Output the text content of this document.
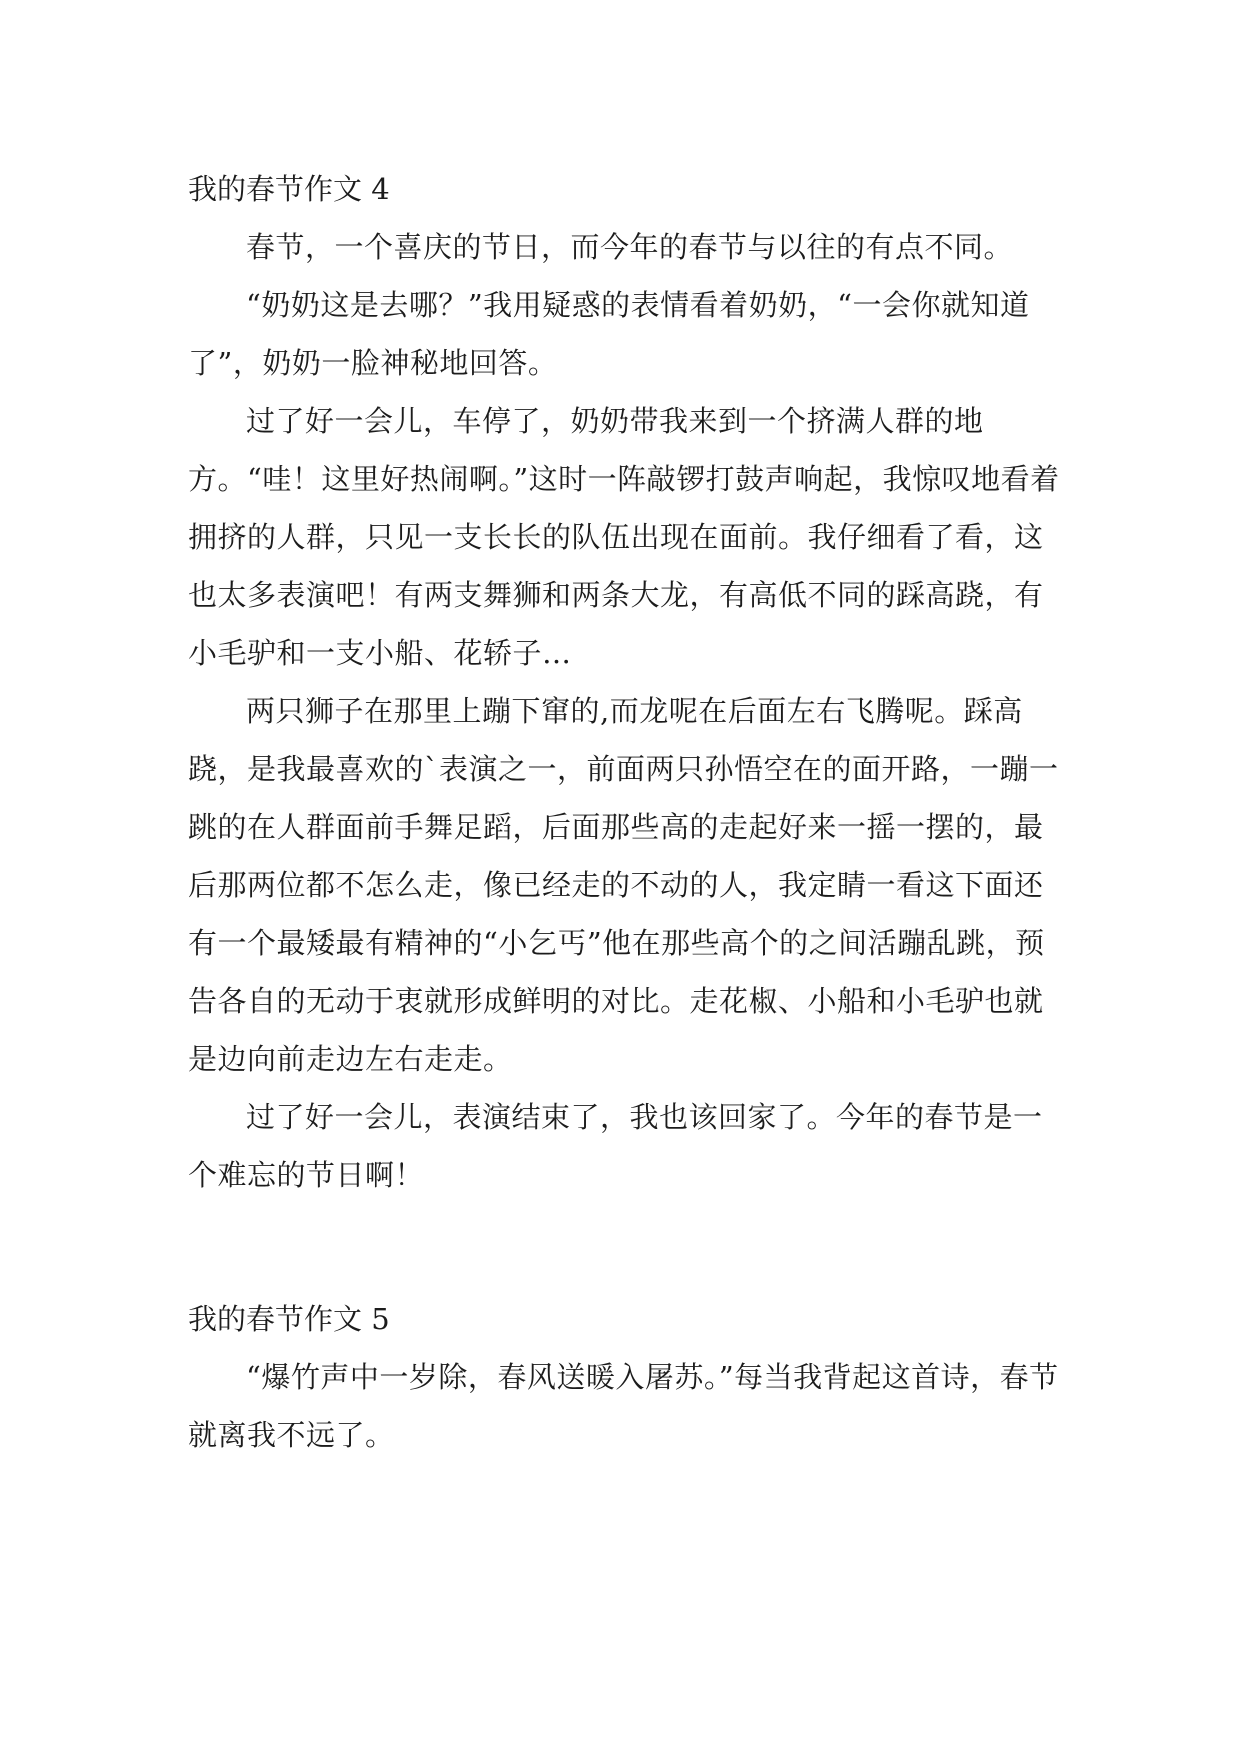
我的春节作文 4

春节，一个喜庆的节日，而今年的春节与以往的有点不同。

“奶奶这是去哪？”我用疑惑的表情看着奶奶，“一会你就知道了”，奶奶一脸神秘地回答。

过了好一会儿，车停了，奶奶带我来到一个挤满人群的地方。“哇！这里好热闹啊。”这时一阵敲锣打鼓声响起，我惊叹地看着拥挤的人群，只见一支长长的队伍出现在面前。我仔细看了看，这也太多表演吧！有两支舞狮和两条大龙，有高低不同的踩高跷，有小毛驴和一支小船、花轿子…

两只狮子在那里上蹦下窜的,而龙呢在后面左右飞腾呢。踩高跷，是我最喜欢的`表演之一，前面两只孙悟空在的面开路，一蹦一跳的在人群面前手舞足蹈，后面那些高的走起好来一摇一摆的，最后那两位都不怎么走，像已经走的不动的人，我定睛一看这下面还有一个最矮最有精神的“小乞丐”他在那些高个的之间活蹦乱跳，预告各自的无动于衷就形成鲜明的对比。走花椒、小船和小毛驴也就是边向前走边左右走走。

过了好一会儿，表演结束了，我也该回家了。今年的春节是一个难忘的节日啊！

我的春节作文 5

“爆竹声中一岁除，春风送暖入屠苏。”每当我背起这首诗，春节就离我不远了。
